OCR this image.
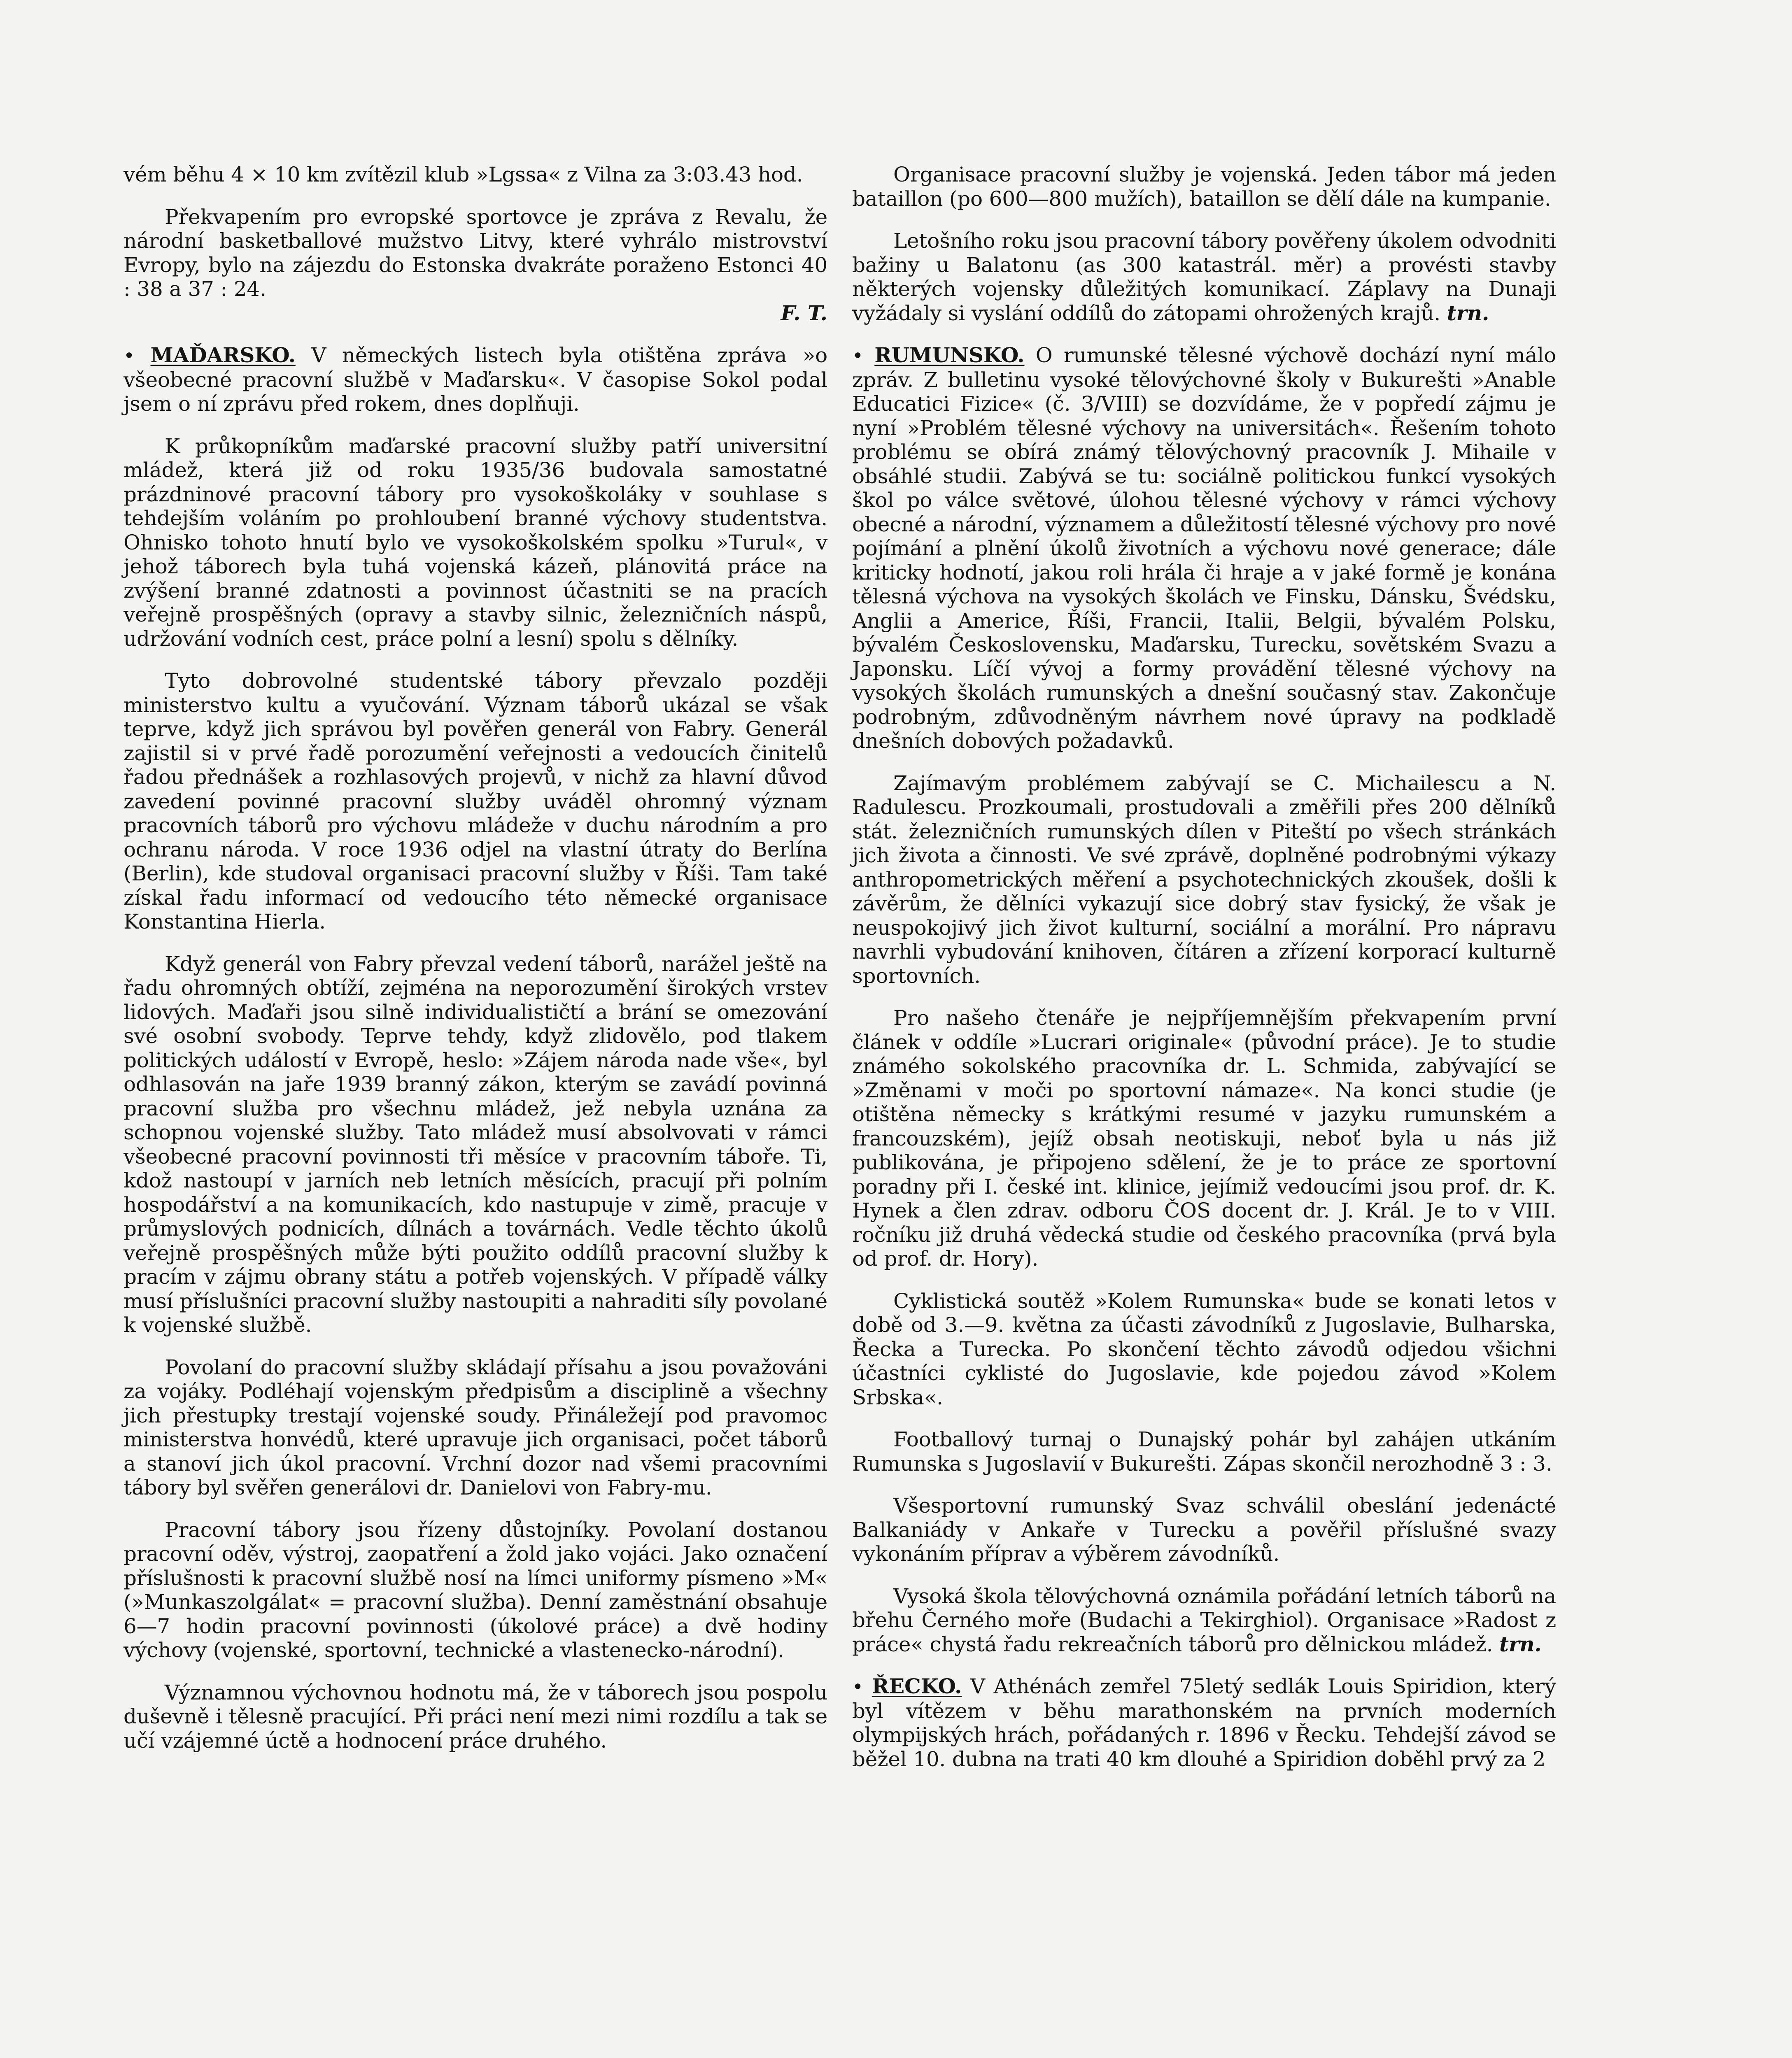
vém běhu 4 × 10 km zvítězil klub »Lgssa« z Vilna za 3:03.43 hod.

Překvapením pro evropské sportovce je zpráva z Revalu, že národní basketballové mužstvo Litvy, které vyhrálo mistrovství Evropy, bylo na zájezdu do Estonska dvakráte poraženo Estonci 40 : 38 a 37 : 24.

F. T.

• MAĎARSKO. V německých listech byla otištěna zpráva »o všeobecné pracovní službě v Maďarsku«. V časopise Sokol podal jsem o ní zprávu před rokem, dnes doplňuji.

K průkopníkům maďarské pracovní služby patří universitní mládež, která již od roku 1935/36 budovala samostatné prázdninové pracovní tábory pro vysokoškoláky v souhlase s tehdejším voláním po prohloubení branné výchovy studentstva. Ohnisko tohoto hnutí bylo ve vysokoškolském spolku »Turul«, v jehož táborech byla tuhá vojenská kázeň, plánovitá práce na zvýšení branné zdatnosti a povinnost účastniti se na pracích veřejně prospěšných (opravy a stavby silnic, železničních náspů, udržování vodních cest, práce polní a lesní) spolu s dělníky.

Tyto dobrovolné studentské tábory převzalo později ministerstvo kultu a vyučování. Význam táborů ukázal se však teprve, když jich správou byl pověřen generál von Fabry. Generál zajistil si v prvé řadě porozumění veřejnosti a vedoucích činitelů řadou přednášek a rozhlasových projevů, v nichž za hlavní důvod zavedení povinné pracovní služby uváděl ohromný význam pracovních táborů pro výchovu mládeže v duchu národním a pro ochranu národa. V roce 1936 odjel na vlastní útraty do Berlína (Berlin), kde studoval organisaci pracovní služby v Říši. Tam také získal řadu informací od vedoucího této německé organisace Konstantina Hierla.

Když generál von Fabry převzal vedení táborů, narážel ještě na řadu ohromných obtíží, zejména na neporozumění širokých vrstev lidových. Maďaři jsou silně individualističtí a brání se omezování své osobní svobody. Teprve tehdy, když zlidovělo, pod tlakem politických událostí v Evropě, heslo: »Zájem národa nade vše«, byl odhlasován na jaře 1939 branný zákon, kterým se zavádí povinná pracovní služba pro všechnu mládež, jež nebyla uznána za schopnou vojenské služby. Tato mládež musí absolvovati v rámci všeobecné pracovní povinnosti tři měsíce v pracovním táboře. Ti, kdož nastoupí v jarních neb letních měsících, pracují při polním hospodářství a na komunikacích, kdo nastupuje v zimě, pracuje v průmyslových podnicích, dílnách a továrnách. Vedle těchto úkolů veřejně prospěšných může býti použito oddílů pracovní služby k pracím v zájmu obrany státu a potřeb vojenských. V případě války musí příslušníci pracovní služby nastoupiti a nahraditi síly povolané k vojenské službě.

Povolaní do pracovní služby skládají přísahu a jsou považováni za vojáky. Podléhají vojenským předpisům a disciplině a všechny jich přestupky trestají vojenské soudy. Přináležejí pod pravomoc ministerstva honvédů, které upravuje jich organisaci, počet táborů a stanoví jich úkol pracovní. Vrchní dozor nad všemi pracovními tábory byl svěřen generálovi dr. Danielovi von Fabry-mu.

Pracovní tábory jsou řízeny důstojníky. Povolaní dostanou pracovní oděv, výstroj, zaopatření a žold jako vojáci. Jako označení příslušnosti k pracovní službě nosí na límci uniformy písmeno »M« (»Munkaszolgálat« = pracovní služba). Denní zaměstnání obsahuje 6—7 hodin pracovní povinnosti (úkolové práce) a dvě hodiny výchovy (vojenské, sportovní, technické a vlastenecko-národní).

Významnou výchovnou hodnotu má, že v táborech jsou pospolu duševně i tělesně pracující. Při práci není mezi nimi rozdílu a tak se učí vzájemné úctě a hodnocení práce druhého.

Organisace pracovní služby je vojenská. Jeden tábor má jeden bataillon (po 600—800 mužích), bataillon se dělí dále na kumpanie.

Letošního roku jsou pracovní tábory pověřeny úkolem odvodniti bažiny u Balatonu (as 300 katastrál. měr) a provésti stavby některých vojensky důležitých komunikací. Záplavy na Dunaji vyžádaly si vyslání oddílů do zátopami ohrožených krajů. trn.

• RUMUNSKO. O rumunské tělesné výchově dochází nyní málo zpráv. Z bulletinu vysoké tělovýchovné školy v Bukurešti »Anable Educatici Fizice« (č. 3/VIII) se dozvídáme, že v popředí zájmu je nyní »Problém tělesné výchovy na universitách«. Řešením tohoto problému se obírá známý tělovýchovný pracovník J. Mihaile v obsáhlé studii. Zabývá se tu: sociálně politickou funkcí vysokých škol po válce světové, úlohou tělesné výchovy v rámci výchovy obecné a národní, významem a důležitostí tělesné výchovy pro nové pojímání a plnění úkolů životních a výchovu nové generace; dále kriticky hodnotí, jakou roli hrála či hraje a v jaké formě je konána tělesná výchova na vysokých školách ve Finsku, Dánsku, Švédsku, Anglii a Americe, Říši, Francii, Italii, Belgii, bývalém Polsku, bývalém Československu, Maďarsku, Turecku, sovětském Svazu a Japonsku. Líčí vývoj a formy provádění tělesné výchovy na vysokých školách rumunských a dnešní současný stav. Zakončuje podrobným, zdůvodněným návrhem nové úpravy na podkladě dnešních dobových požadavků.

Zajímavým problémem zabývají se C. Michailescu a N. Radulescu. Prozkoumali, prostudovali a změřili přes 200 dělníků stát. železničních rumunských dílen v Piteští po všech stránkách jich života a činnosti. Ve své zprávě, doplněné podrobnými výkazy anthropometrických měření a psychotechnických zkoušek, došli k závěrům, že dělníci vykazují sice dobrý stav fysický, že však je neuspokojivý jich život kulturní, sociální a morální. Pro nápravu navrhli vybudování knihoven, čítáren a zřízení korporací kulturně sportovních.

Pro našeho čtenáře je nejpříjemnějším překvapením první článek v oddíle »Lucrari originale« (původní práce). Je to studie známého sokolského pracovníka dr. L. Schmida, zabývající se »Změnami v moči po sportovní námaze«. Na konci studie (je otištěna německy s krátkými resumé v jazyku rumunském a francouzském), jejíž obsah neotiskuji, neboť byla u nás již publikována, je připojeno sdělení, že je to práce ze sportovní poradny při I. české int. klinice, jejímiž vedoucími jsou prof. dr. K. Hynek a člen zdrav. odboru ČOS docent dr. J. Král. Je to v VIII. ročníku již druhá vědecká studie od českého pracovníka (prvá byla od prof. dr. Hory).

Cyklistická soutěž »Kolem Rumunska« bude se konati letos v době od 3.—9. května za účasti závodníků z Jugoslavie, Bulharska, Řecka a Turecka. Po skončení těchto závodů odjedou všichni účastníci cyklisté do Jugoslavie, kde pojedou závod »Kolem Srbska«.

Footballový turnaj o Dunajský pohár byl zahájen utkáním Rumunska s Jugoslavií v Bukurešti. Zápas skončil nerozhodně 3 : 3.

Všesportovní rumunský Svaz schválil obeslání jedenácté Balkaniády v Ankaře v Turecku a pověřil příslušné svazy vykonáním příprav a výběrem závodníků.

Vysoká škola tělovýchovná oznámila pořádání letních táborů na břehu Černého moře (Budachi a Tekirghiol). Organisace »Radost z práce« chystá řadu rekreačních táborů pro dělnickou mládež. trn.

• ŘECKO. V Athénách zemřel 75letý sedlák Louis Spiridion, který byl vítězem v běhu marathonském na prvních moderních olympijských hrách, pořádaných r. 1896 v Řecku. Tehdejší závod se běžel 10. dubna na trati 40 km dlouhé a Spiridion doběhl prvý za 2
